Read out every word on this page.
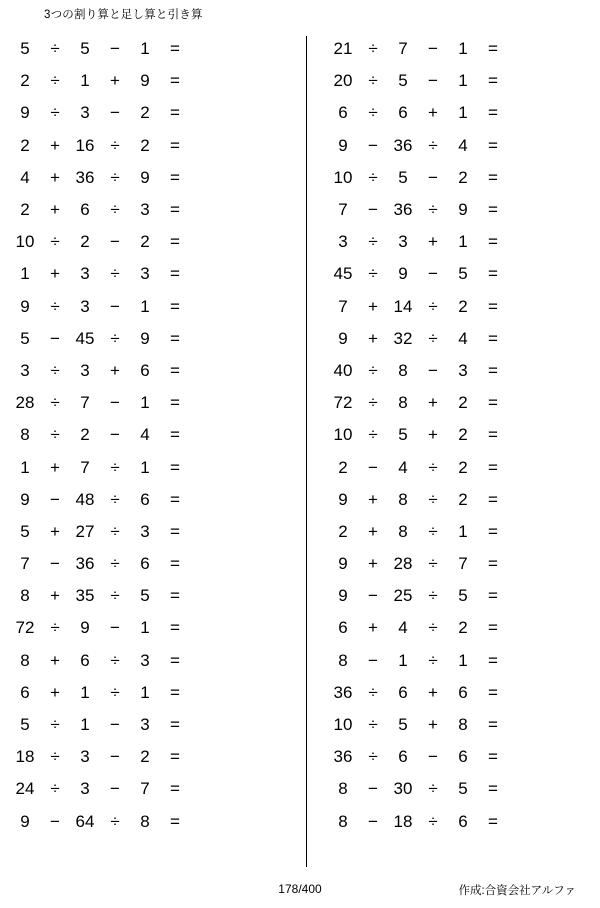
3つの割り算と足し算と引き算
5	÷	5	−	1	=
2	÷	1	+	9	=
9	÷	3	−	2	=
2	+ 16 ÷	2	=
4	+ 36 ÷	9	=
2	+	6	÷	3	=
10 ÷	2	−	2	=
1	+	3	÷	3	=
9	÷	3	−	1	=
5	− 45 ÷	9	=
3	÷	3	+	6	=
28 ÷	7	−	1	=
8	÷	2	−	4	=
1	+	7	÷	1	=
9	− 48 ÷	6	=
5	+ 27 ÷	3	=
7	− 36 ÷	6	=
8	+ 35 ÷	5	=
72 ÷	9	−	1	=
8	+	6	÷	3	=
6	+	1	÷	1	=
5	÷	1	−	3	=
18 ÷	3	−	2	=
24 ÷	3	−	7	=
9	− 64 ÷	8	=
21 ÷	7	−	1	=
20 ÷	5	−	1	=
6	÷	6	+	1	=
9	− 36 ÷	4	=
10 ÷	5	−	2	=
7	− 36 ÷	9	=
3	÷	3	+	1	=
45 ÷	9	−	5	=
7	+ 14 ÷	2	=
9	+ 32 ÷	4	=
40 ÷	8	−	3	=
72 ÷	8	+	2	=
10 ÷	5	+	2	=
2	−	4	÷	2	=
9	+	8	÷	2	=
2	+	8	÷	1	=
9	+ 28 ÷	7	=
9	− 25 ÷	5	=
6	+	4	÷	2	=
8	−	1	÷	1	=
36 ÷	6	+	6	=
10 ÷	5	+	8	=
36 ÷	6	−	6	=
8	− 30 ÷	5	=
8	− 18 ÷	6	=
178/400	作成:合資会社アルファ
